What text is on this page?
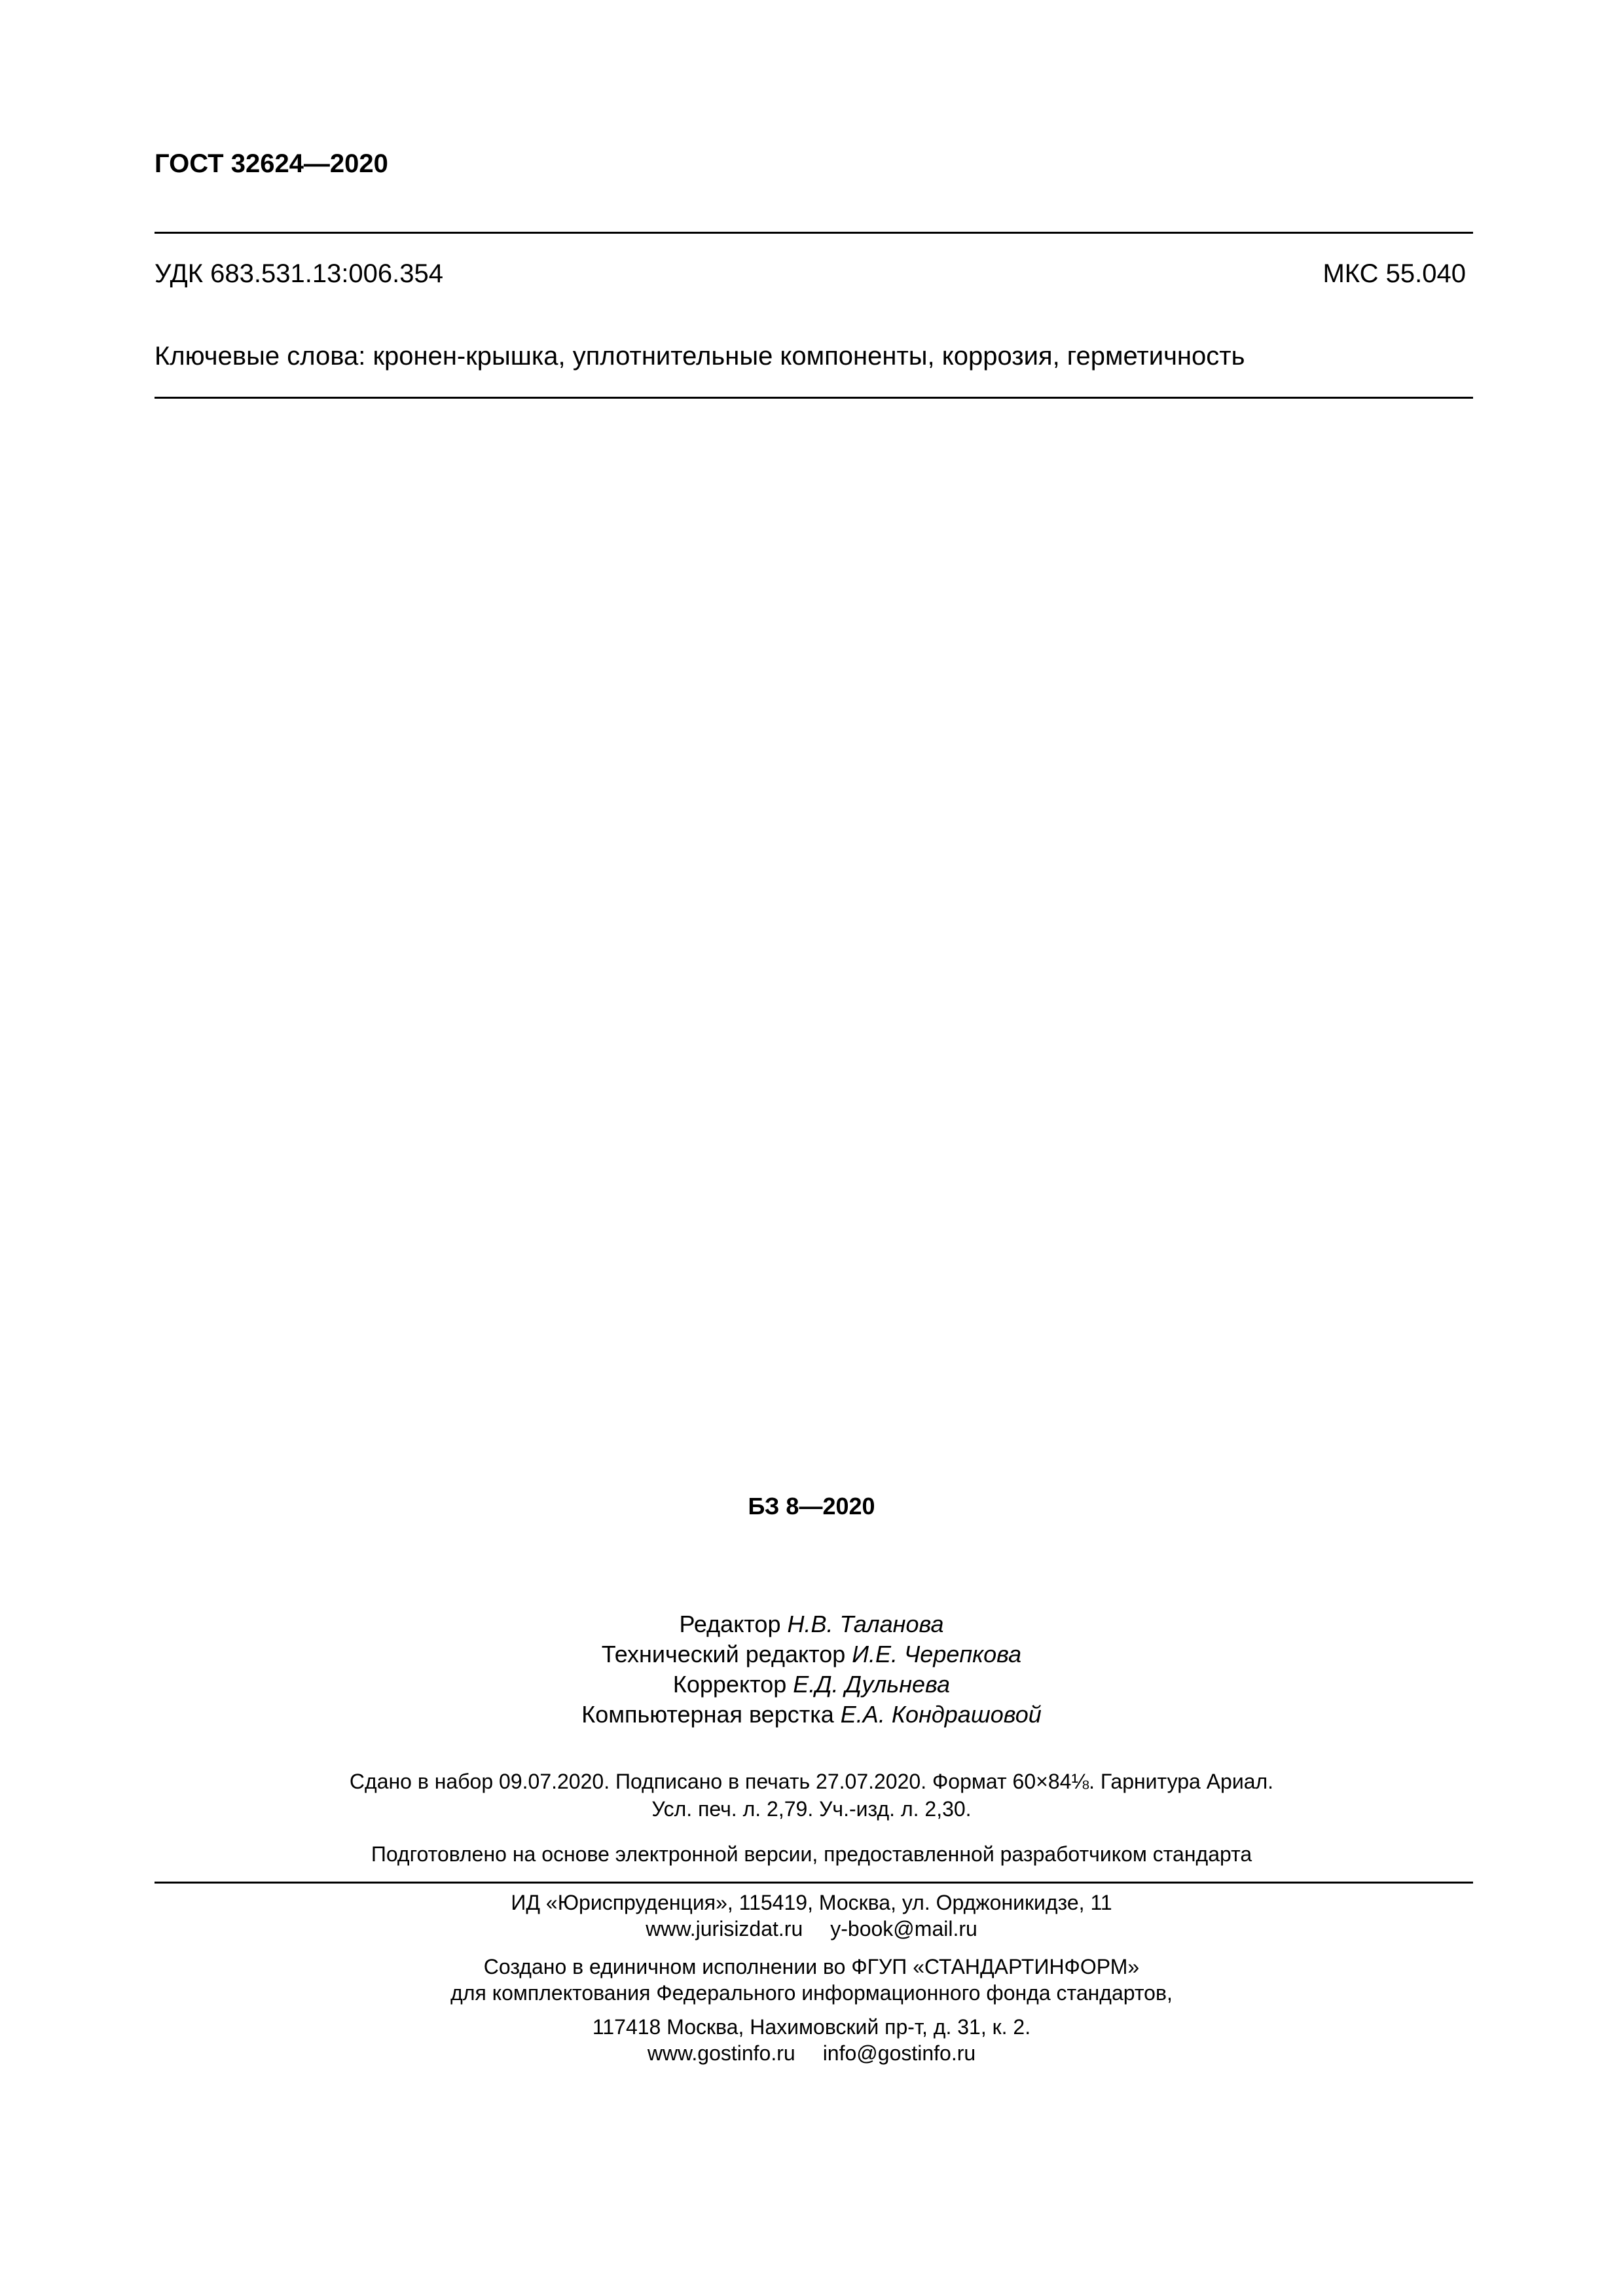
ГОСТ 32624—2020
УДК 683.531.13:006.354	МКС 55.040
Ключевые слова: кронен-крышка, уплотнительные компоненты, коррозия, герметичность
БЗ 8—2020
Редактор Н.В. Таланова
Технический редактор И.Е. Черепкова
Корректор Е.Д. Дульнева
Компьютерная верстка Е.А. Кондрашовой
Сдано в набор 09.07.2020. Подписано в печать 27.07.2020. Формат 60×84⅛. Гарнитура Ариал.
Усл. печ. л. 2,79. Уч.-изд. л. 2,30.
Подготовлено на основе электронной версии, предоставленной разработчиком стандарта
ИД «Юриспруденция», 115419, Москва, ул. Орджоникидзе, 11
www.jurisizdat.ru y-book@mail.ru
Создано в единичном исполнении во ФГУП «СТАНДАРТИНФОРМ»
для комплектования Федерального информационного фонда стандартов,
117418 Москва, Нахимовский пр-т, д. 31, к. 2.
www.gostinfo.ru info@gostinfo.ru
